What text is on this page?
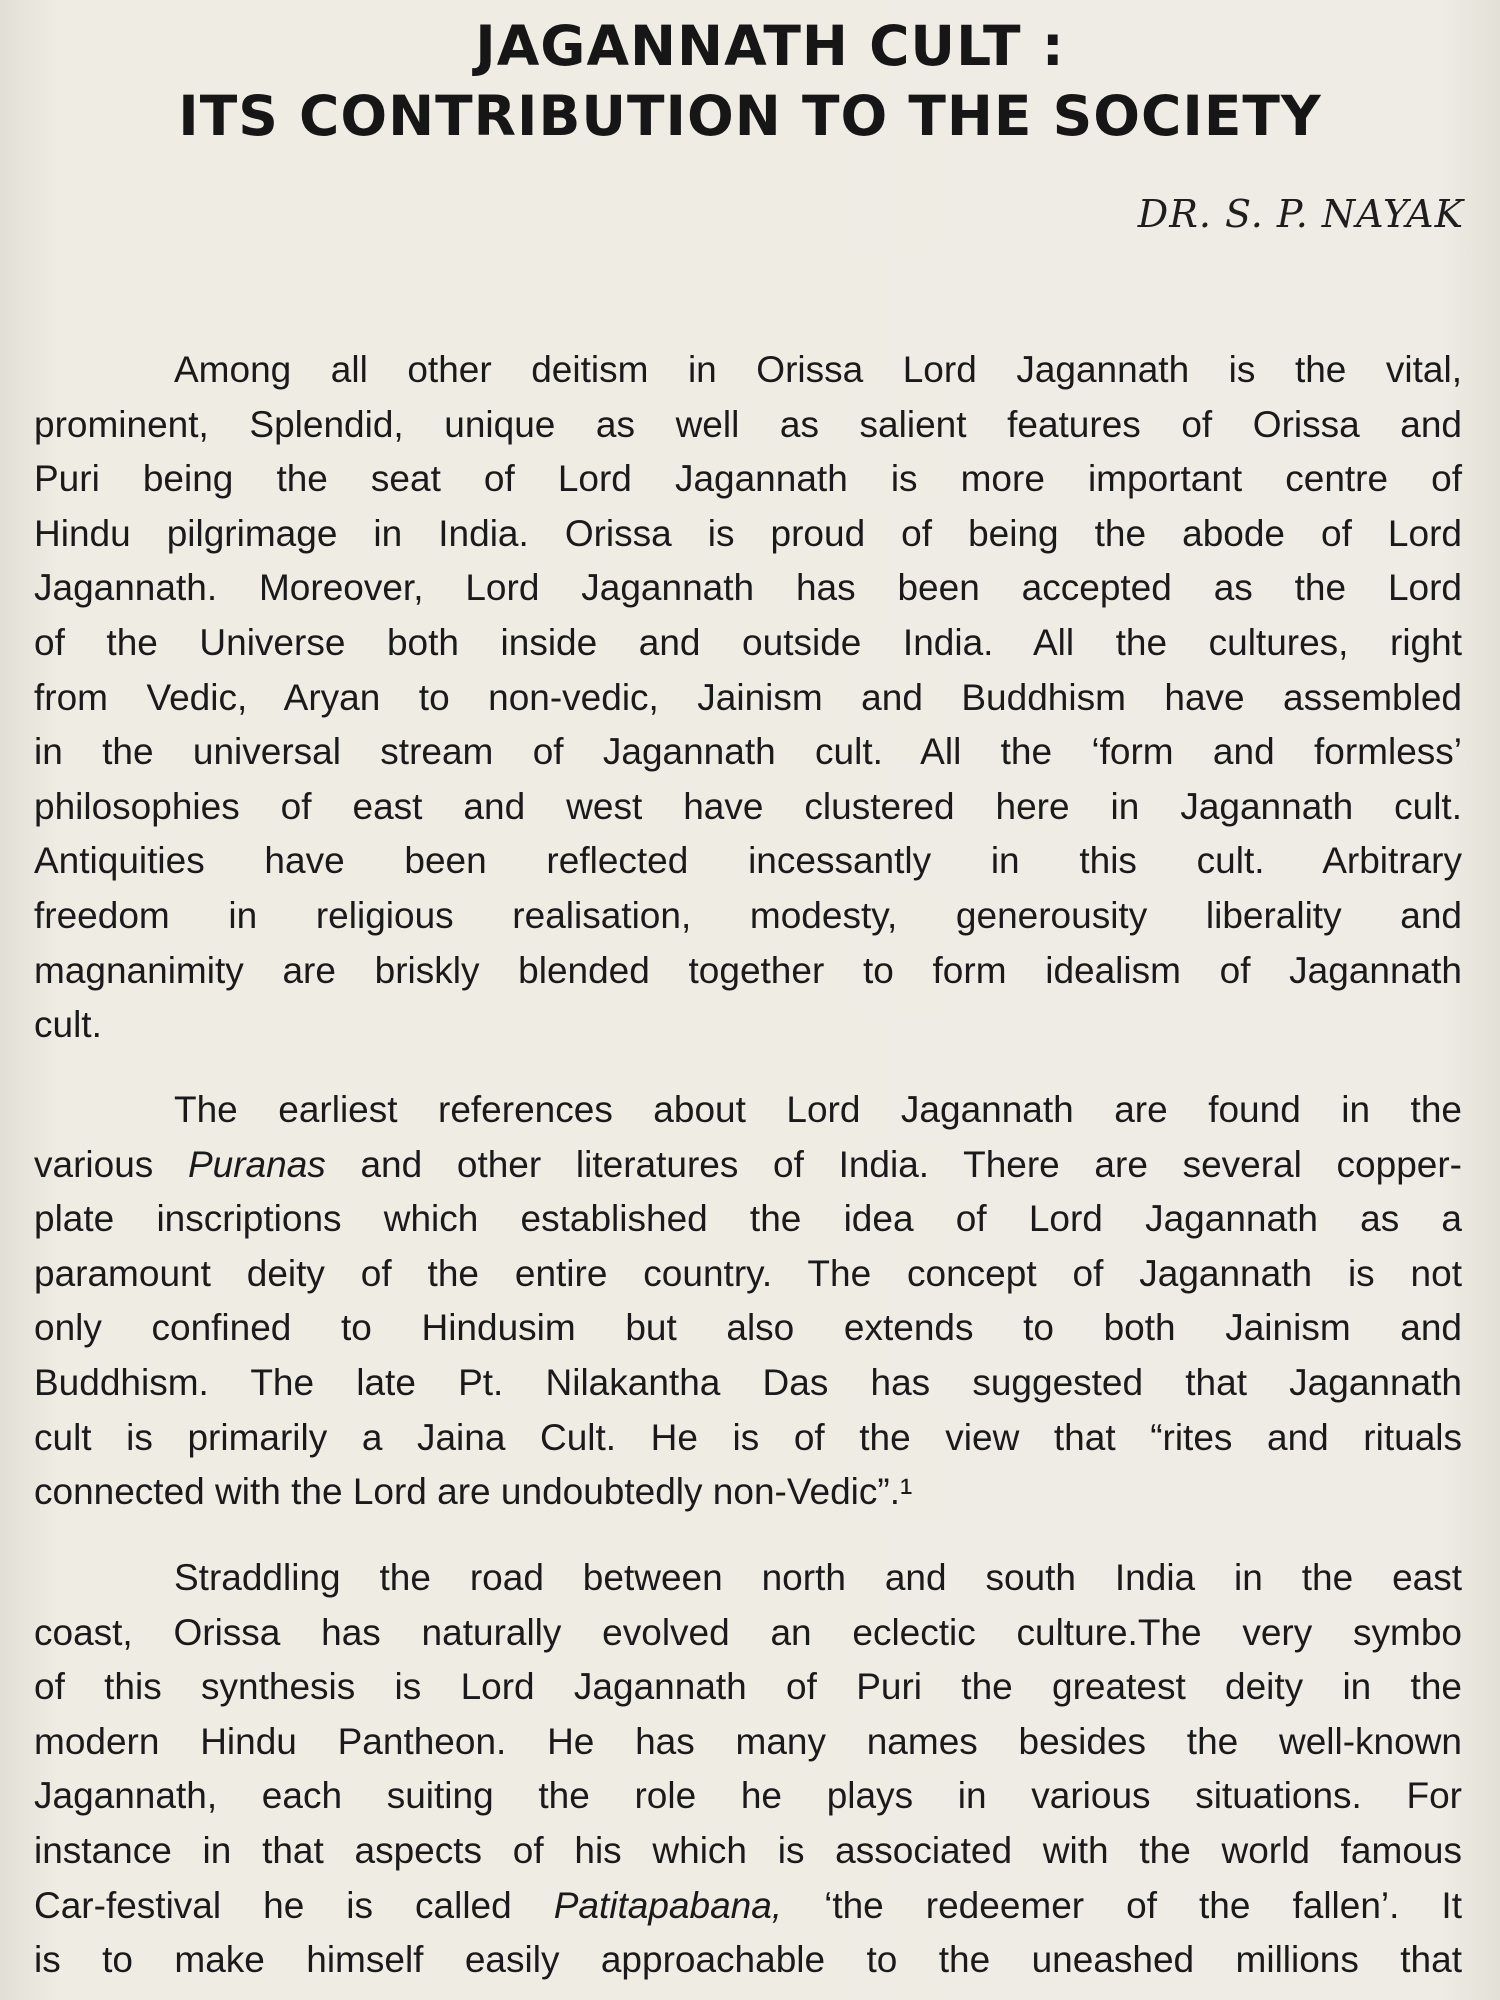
JAGANNATH CULT :
ITS CONTRIBUTION TO THE SOCIETY

DR. S. P. NAYAK

Among all other deitism in Orissa Lord Jagannath is the vital,
prominent, Splendid, unique as well as salient features of Orissa and
Puri being the seat of Lord Jagannath is more important centre of
Hindu pilgrimage in India. Orissa is proud of being the abode of Lord
Jagannath. Moreover, Lord Jagannath has been accepted as the Lord
of the Universe both inside and outside India. All the cultures, right
from Vedic, Aryan to non-vedic, Jainism and Buddhism have assembled
in the universal stream of Jagannath cult. All the ‘form and formless’
philosophies of east and west have clustered here in Jagannath cult.
Antiquities have been reflected incessantly in this cult. Arbitrary
freedom in religious realisation, modesty, generousity liberality and
magnanimity are briskly blended together to form idealism of Jagannath
cult.
The earliest references about Lord Jagannath are found in the
various Puranas and other literatures of India. There are several copper-
plate inscriptions which established the idea of Lord Jagannath as a
paramount deity of the entire country. The concept of Jagannath is not
only confined to Hindusim but also extends to both Jainism and
Buddhism. The late Pt. Nilakantha Das has suggested that Jagannath
cult is primarily a Jaina Cult. He is of the view that “rites and rituals
connected with the Lord are undoubtedly non-Vedic”.¹
Straddling the road between north and south India in the east
coast, Orissa has naturally evolved an eclectic culture.The very symbo
of this synthesis is Lord Jagannath of Puri the greatest deity in the
modern Hindu Pantheon. He has many names besides the well-known
Jagannath, each suiting the role he plays in various situations. For
instance in that aspects of his which is associated with the world famous
Car-festival he is called Patitapabana, ‘the redeemer of the fallen’. It
is to make himself easily approachable to the uneashed millions that
